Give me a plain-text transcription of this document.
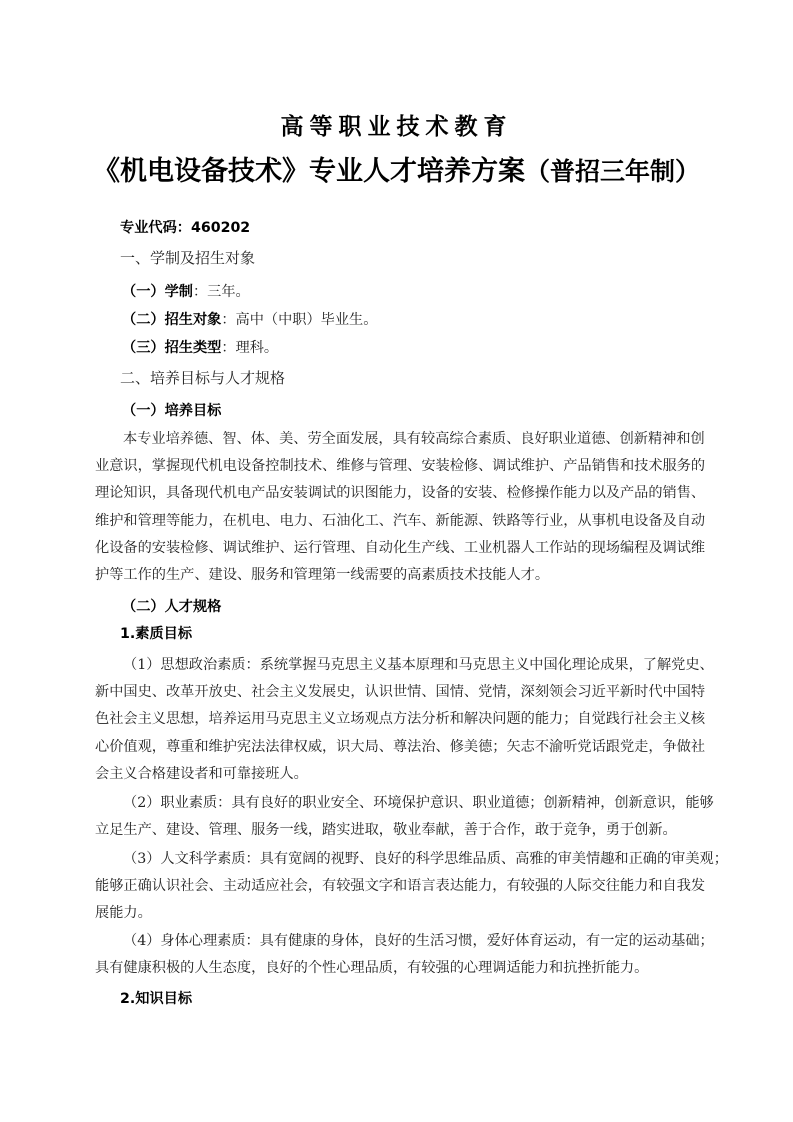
高等职业技术教育
《机电设备技术》专业人才培养方案（普招三年制）
专业代码：460202
一、学制及招生对象
（一）学制：三年。
（二）招生对象：高中（中职）毕业生。
（三）招生类型：理科。
二、培养目标与人才规格
（一）培养目标
本专业培养德、智、体、美、劳全面发展，具有较高综合素质、良好职业道德、创新精神和创
业意识，掌握现代机电设备控制技术、维修与管理、安装检修、调试维护、产品销售和技术服务的
理论知识，具备现代机电产品安装调试的识图能力，设备的安装、检修操作能力以及产品的销售、
维护和管理等能力，在机电、电力、石油化工、汽车、新能源、铁路等行业，从事机电设备及自动
化设备的安装检修、调试维护、运行管理、自动化生产线、工业机器人工作站的现场编程及调试维
护等工作的生产、建设、服务和管理第一线需要的高素质技术技能人才。
（二）人才规格
1.素质目标
（1）思想政治素质：系统掌握马克思主义基本原理和马克思主义中国化理论成果，了解党史、
新中国史、改革开放史、社会主义发展史，认识世情、国情、党情，深刻领会习近平新时代中国特
色社会主义思想，培养运用马克思主义立场观点方法分析和解决问题的能力；自觉践行社会主义核
心价值观，尊重和维护宪法法律权威，识大局、尊法治、修美德；矢志不渝听党话跟党走，争做社
会主义合格建设者和可靠接班人。
（2）职业素质：具有良好的职业安全、环境保护意识、职业道德；创新精神，创新意识，能够
立足生产、建设、管理、服务一线，踏实进取，敬业奉献，善于合作，敢于竞争，勇于创新。
（3）人文科学素质：具有宽阔的视野、良好的科学思维品质、高雅的审美情趣和正确的审美观；
能够正确认识社会、主动适应社会，有较强文字和语言表达能力，有较强的人际交往能力和自我发
展能力。
（4）身体心理素质：具有健康的身体，良好的生活习惯，爱好体育运动，有一定的运动基础；
具有健康积极的人生态度，良好的个性心理品质，有较强的心理调适能力和抗挫折能力。
2.知识目标
